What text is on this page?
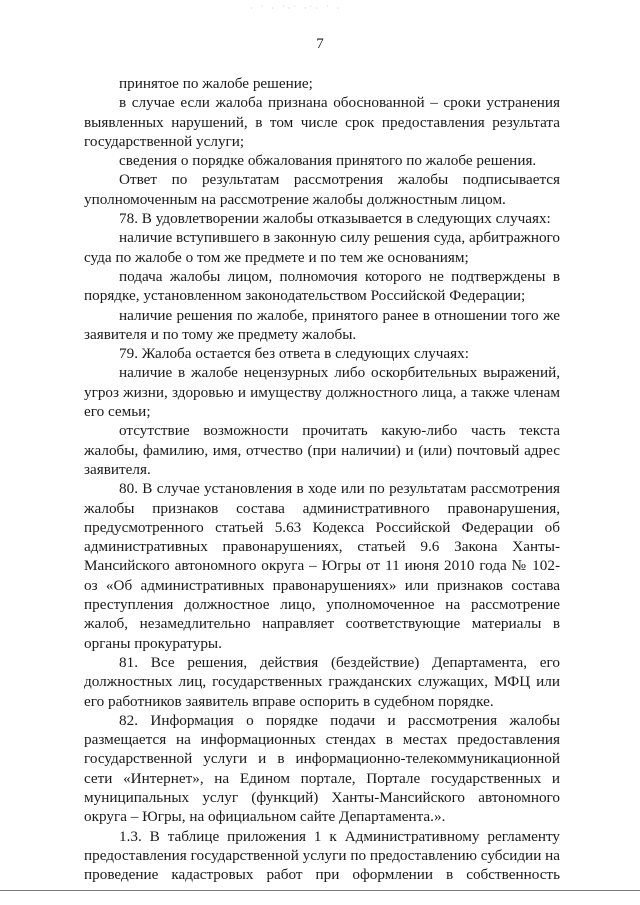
· ˙ · ˙·˙ ·˙· ˙ ·
7

принятое по жалобе решение;

в случае если жалоба признана обоснованной – сроки устранения выявленных нарушений, в том числе срок предоставления результата государственной услуги;

сведения о порядке обжалования принятого по жалобе решения.

Ответ по результатам рассмотрения жалобы подписывается уполномоченным на рассмотрение жалобы должностным лицом.

78. В удовлетворении жалобы отказывается в следующих случаях:

наличие вступившего в законную силу решения суда, арбитражного суда по жалобе о том же предмете и по тем же основаниям;

подача жалобы лицом, полномочия которого не подтверждены в порядке, установленном законодательством Российской Федерации;

наличие решения по жалобе, принятого ранее в отношении того же заявителя и по тому же предмету жалобы.

79. Жалоба остается без ответа в следующих случаях:

наличие в жалобе нецензурных либо оскорбительных выражений, угроз жизни, здоровью и имуществу должностного лица, а также членам его семьи;

отсутствие возможности прочитать какую-либо часть текста жалобы, фамилию, имя, отчество (при наличии) и (или) почтовый адрес заявителя.

80. В случае установления в ходе или по результатам рассмотрения жалобы признаков состава административного правонарушения, предусмотренного статьей 5.63 Кодекса Российской Федерации об административных правонарушениях, статьей 9.6 Закона Ханты-Мансийского автономного округа – Югры от 11 июня 2010 года № 102-оз «Об административных правонарушениях» или признаков состава преступления должностное лицо, уполномоченное на рассмотрение жалоб, незамедлительно направляет соответствующие материалы в органы прокуратуры.

81. Все решения, действия (бездействие) Департамента, его должностных лиц, государственных гражданских служащих, МФЦ или его работников заявитель вправе оспорить в судебном порядке.

82. Информация о порядке подачи и рассмотрения жалобы размещается на информационных стендах в местах предоставления государственной услуги и в информационно-телекоммуникационной сети «Интернет», на Едином портале, Портале государственных и муниципальных услуг (функций) Ханты-Мансийского автономного округа – Югры, на официальном сайте Департамента.».

1.3. В таблице приложения 1 к Административному регламенту предоставления государственной услуги по предоставлению субсидии на проведение кадастровых работ при оформлении в собственность
